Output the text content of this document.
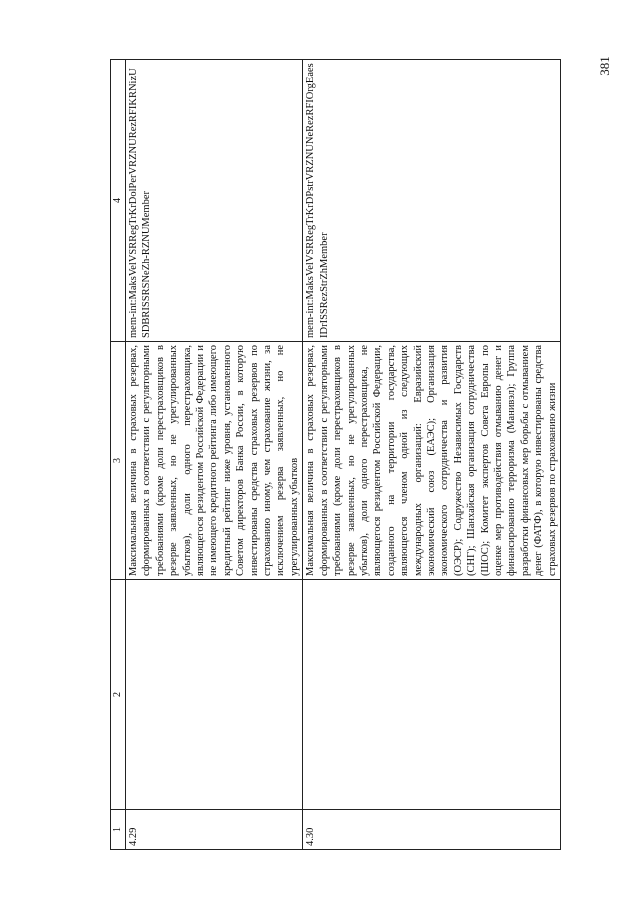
1	2	3	4
4.29		Максимальная величина в страховых резервах, сформированных в соответствии с регуляторными требованиями (кроме доли перестраховщиков в резерве заявленных, но не урегулированных убытков), доли одного перестраховщика, являющегося резидентом Российской Федерации и не имеющего кредитного рейтинга либо имеющего кредитный рейтинг ниже уровня, установленного Советом директоров Банка России, в которую инвестированы средства страховых резервов по страхованию иному, чем страхование жизни, за исключением резерва заявленных, но не урегулированных убытков	mem-int:MaksVelVSRRegTrKrDolPerVRZNURezRFIKRNizUSDBRISSRSNeZh-RZNUMember
4.30		Максимальная величина в страховых резервах, сформированных в соответствии с регуляторными требованиями (кроме доли перестраховщиков в резерве заявленных, но не урегулированных убытков), доли одного перестраховщика, не являющегося резидентом Российской Федерации, созданного на территории государства, являющегося членом одной из следующих международных организаций: Евразийский экономический союз (ЕАЭС); Организация экономического сотрудничества и развития (ОЭСР); Содружество Независимых Государств (СНГ); Шанхайская организация сотрудничества (ШОС); Комитет экспертов Совета Европы по оценке мер противодействия отмыванию денег и финансированию терроризма (Манивэл); Группа разработки финансовых мер борьбы с отмыванием денег (ФАТФ), в которую инвестированы средства страховых резервов по страхованию жизни	mem-int:MaksVelVSRRegTrKrDPstrVRZNUNeRezRFIOrgEaesIDrISSRezStrZhMember
381
